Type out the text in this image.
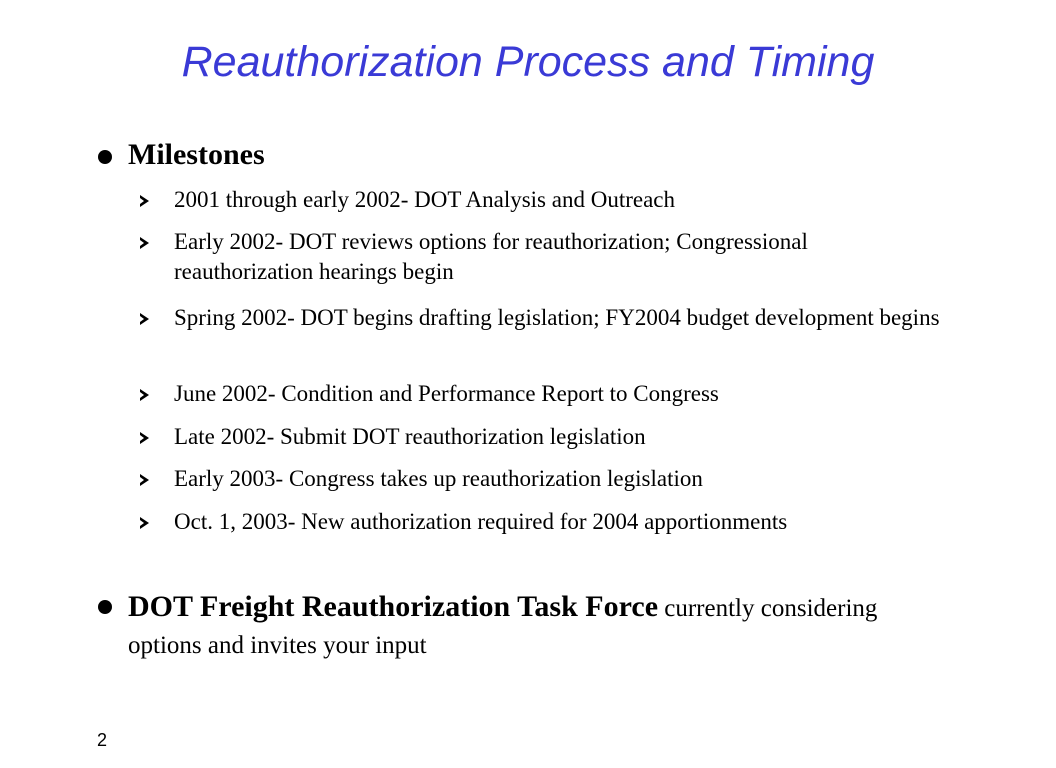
Reauthorization Process and Timing
Milestones
2001 through early 2002- DOT Analysis and Outreach
Early 2002- DOT reviews options for reauthorization; Congressional reauthorization hearings begin
Spring 2002- DOT begins drafting legislation; FY2004 budget development begins
June 2002- Condition and Performance Report to Congress
Late 2002- Submit DOT reauthorization legislation
Early 2003- Congress takes up reauthorization legislation
Oct. 1, 2003- New authorization required for 2004 apportionments
DOT Freight Reauthorization Task Force currently considering options and invites your input
2
